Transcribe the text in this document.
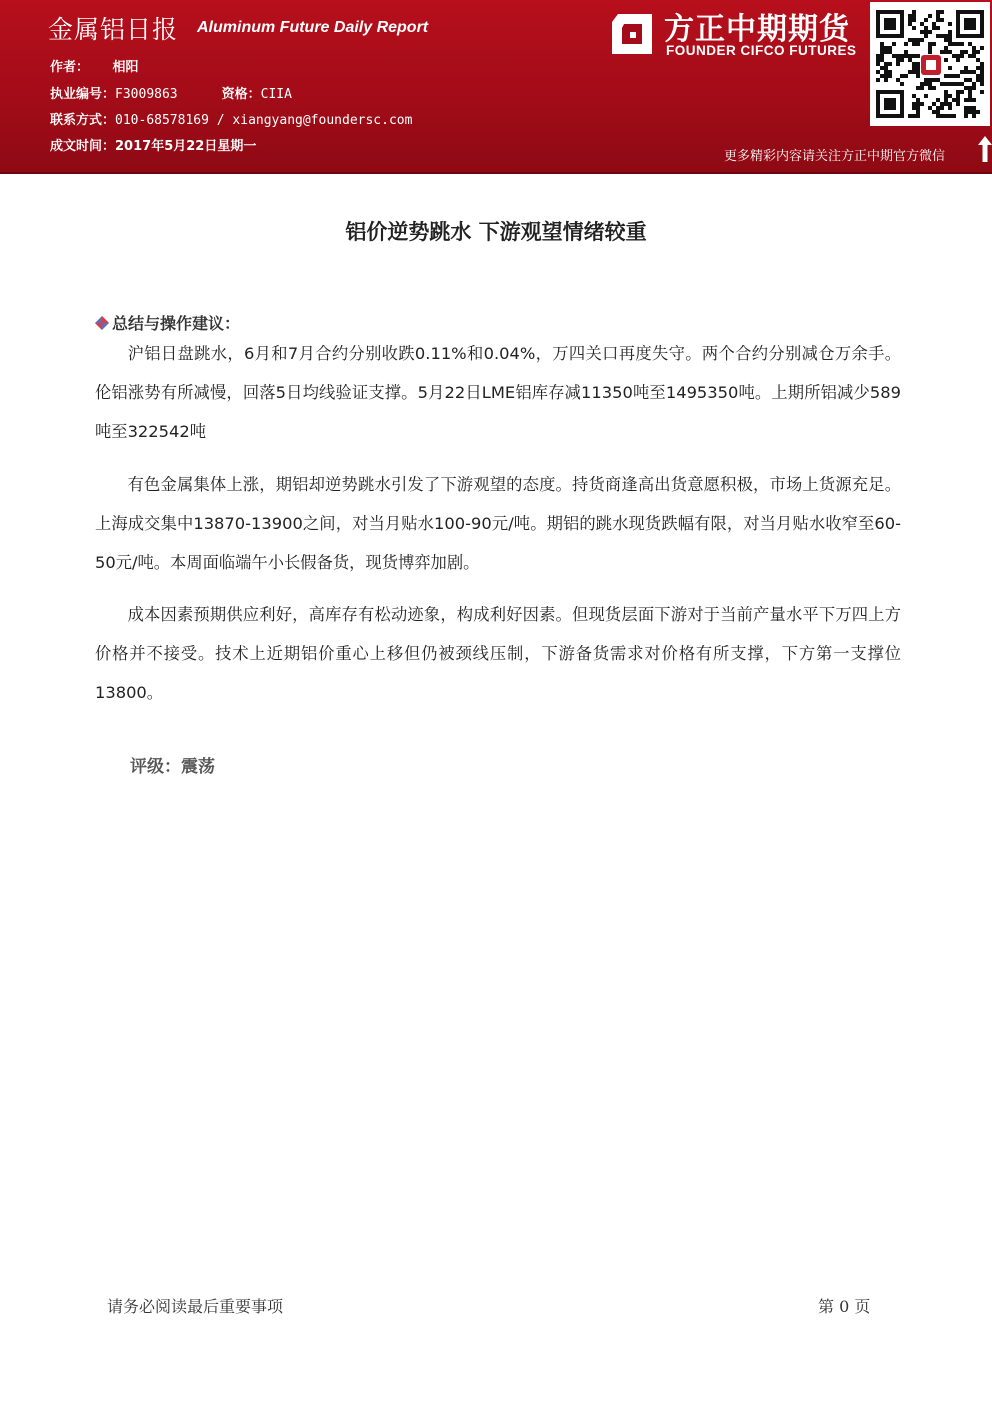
金属铝日报 Aluminum Future Daily Report
作者： 相阳
执业编号：F3009863	资格：CIIA
联系方式：010-68578169 / xiangyang@foundersc.com
成文时间：2017年5月22日星期一
方正中期期货
FOUNDER CIFCO FUTURES
更多精彩内容请关注方正中期官方微信
铝价逆势跳水 下游观望情绪较重
总结与操作建议：

沪铝日盘跳水，6月和7月合约分别收跌0.11%和0.04%，万四关口再度失守。两个合约分别减仓万余手。伦铝涨势有所减慢，回落5日均线验证支撑。5月22日LME铝库存减11350吨至1495350吨。上期所铝减少589吨至322542吨

有色金属集体上涨，期铝却逆势跳水引发了下游观望的态度。持货商逢高出货意愿积极，市场上货源充足。上海成交集中13870-13900之间，对当月贴水100-90元/吨。期铝的跳水现货跌幅有限，对当月贴水收窄至60-50元/吨。本周面临端午小长假备货，现货博弈加剧。

成本因素预期供应利好，高库存有松动迹象，构成利好因素。但现货层面下游对于当前产量水平下万四上方价格并不接受。技术上近期铝价重心上移但仍被颈线压制，下游备货需求对价格有所支撑，下方第一支撑位13800。

评级：震荡
请务必阅读最后重要事项	第 0 页
